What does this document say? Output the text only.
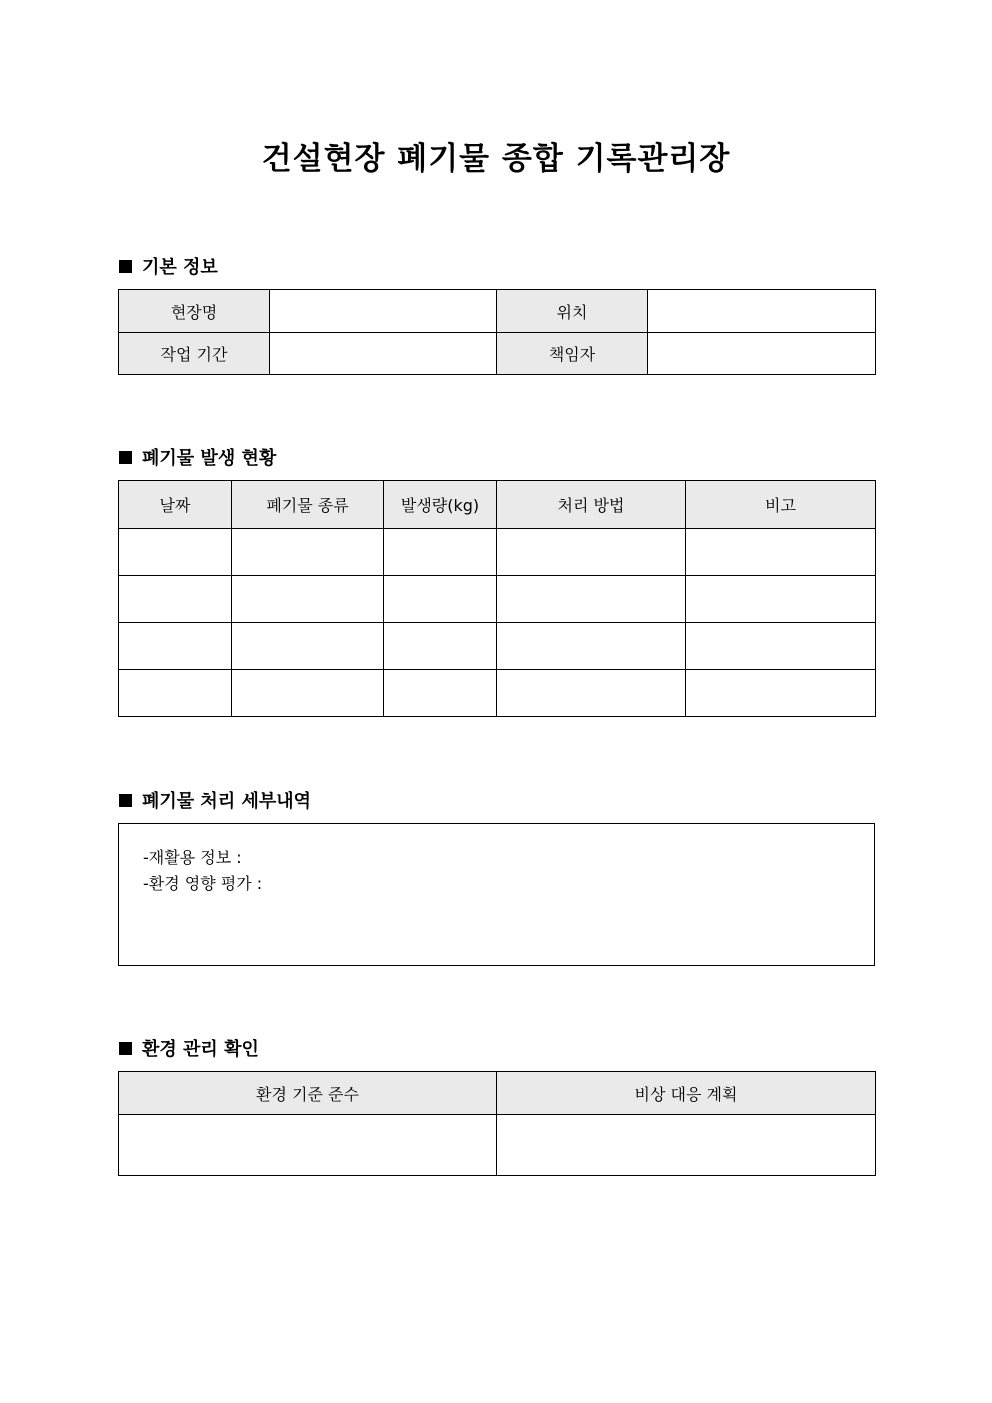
건설현장 폐기물 종합 기록관리장
기본 정보
현장명		위치	
작업 기간		책임자	
폐기물 발생 현황
날짜	폐기물 종류	발생량(kg)	처리 방법	비고

폐기물 처리 세부내역
-재활용 정보 :
-환경 영향 평가 :
환경 관리 확인
환경 기준 준수	비상 대응 계획
